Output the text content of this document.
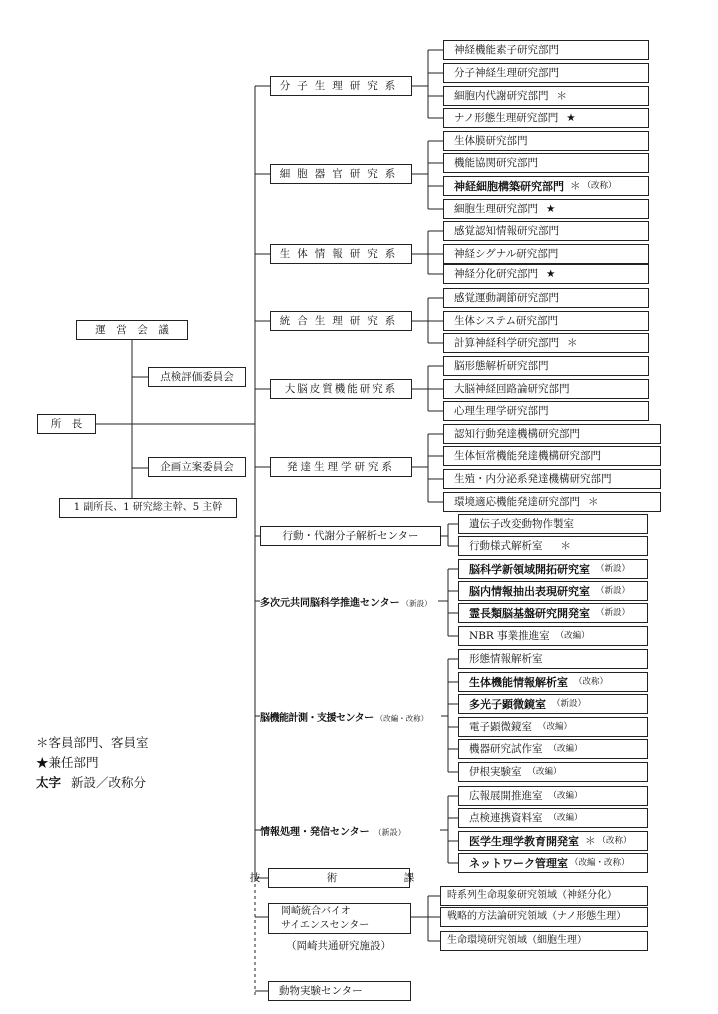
所　長
運　営　会　議
点検評価委員会
企画立案委員会
1 副所長、1 研究総主幹、5 主幹
分子生理研究系
細胞器官研究系
生体情報研究系
統合生理研究系
大脳皮質機能研究系
発達生理学研究系
神経機能素子研究部門
分子神経生理研究部門
細胞内代謝研究部門 ＊
ナノ形態生理研究部門 ★
生体膜研究部門
機能協関研究部門
神経細胞構築研究部門 ＊ （改称）
細胞生理研究部門 ★
感覚認知情報研究部門
神経シグナル研究部門
神経分化研究部門 ★
感覚運動調節研究部門
生体システム研究部門
計算神経科学研究部門 ＊
脳形態解析研究部門
大脳神経回路論研究部門
心理生理学研究部門
認知行動発達機構研究部門
生体恒常機能発達機構研究部門
生殖・内分泌系発達機構研究部門
環境適応機能発達研究部門 ＊
行動・代謝分子解析センター
多次元共同脳科学推進センター （新設）
脳機能計測・支援センター （改編・改称）
情報処理・発信センター （新設）
遺伝子改変動物作製室
行動様式解析室 ＊
脳科学新領域開拓研究室 （新設）
脳内情報抽出表現研究室 （新設）
霊長類脳基盤研究開発室 （新設）
NBR 事業推進室 （改編）
形態情報解析室
生体機能情報解析室 （改称）
多光子顕微鏡室 （新設）
電子顕微鏡室 （改編）
機器研究試作室 （改編）
伊根実験室 （改編）
広報展開推進室 （改編）
点検連携資料室 （改編）
医学生理学教育開発室 ＊ （改称）
ネットワーク管理室 （改編・改称）
技　術　課
岡崎統合バイオ
サイエンスセンター
（岡崎共通研究施設）
動物実験センター
時系列生命現象研究領域 （神経分化）
戦略的方法論研究領域 （ナノ形態生理）
生命環境研究領域 （細胞生理）
＊客員部門、客員室
★兼任部門
太字 新設／改称分
